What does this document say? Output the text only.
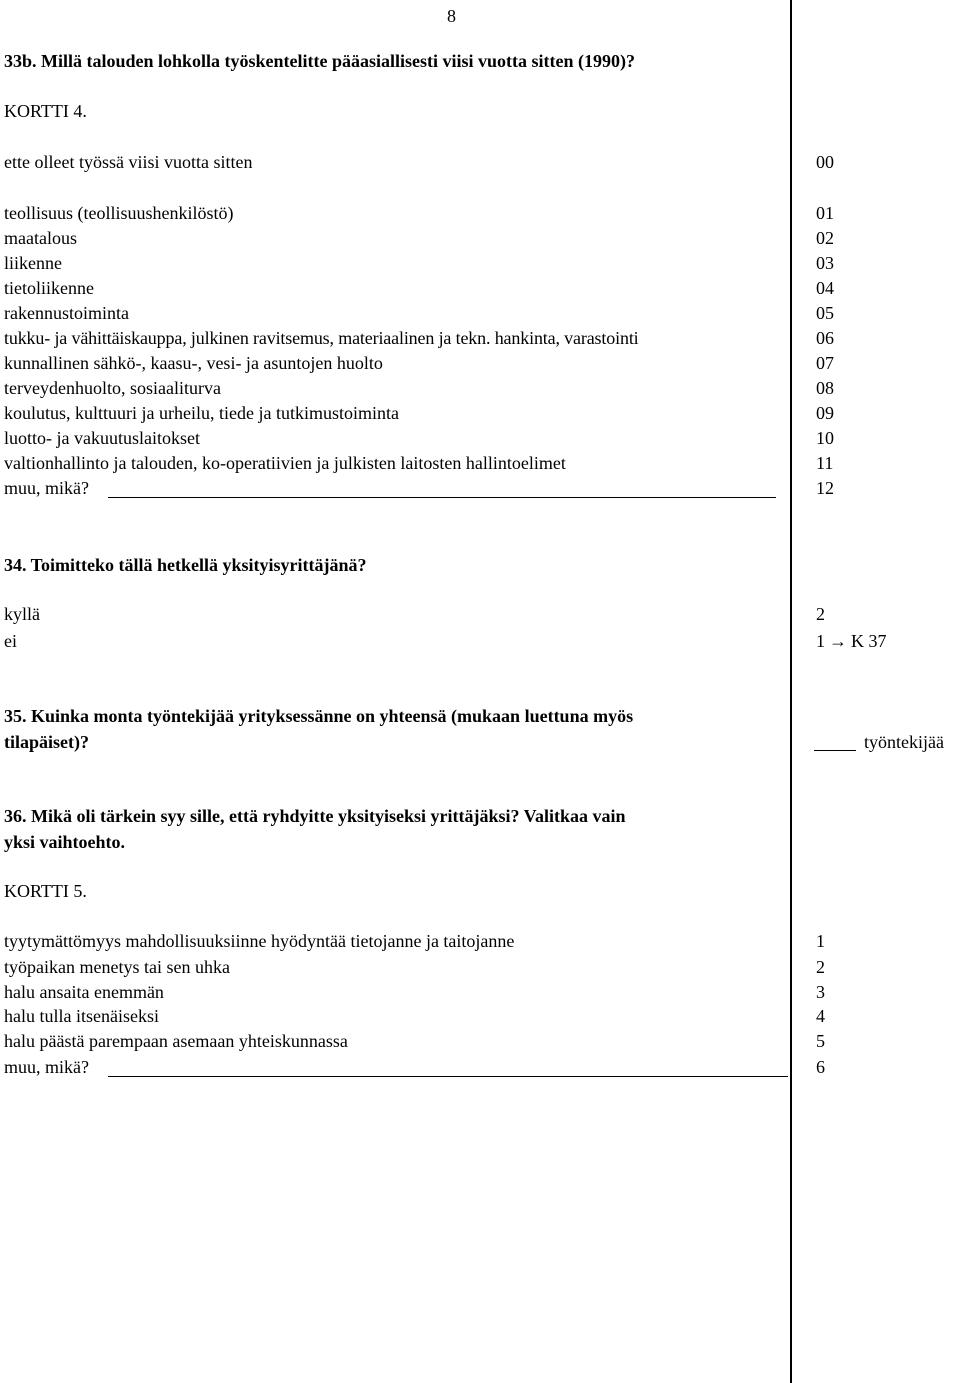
8
33b. Millä talouden lohkolla työskentelitte pääasiallisesti viisi vuotta sitten (1990)?
KORTTI 4.
ette olleet työssä viisi vuotta sitten	00
teollisuus (teollisuushenkilöstö)	01
maatalous	02
liikenne	03
tietoliikenne	04
rakennustoiminta	05
tukku- ja vähittäiskauppa, julkinen ravitsemus, materiaalinen ja tekn. hankinta, varastointi	06
kunnallinen sähkö-, kaasu-, vesi- ja asuntojen huolto	07
terveydenhuolto, sosiaaliturva	08
koulutus, kulttuuri ja urheilu, tiede ja tutkimustoiminta	09
luotto- ja vakuutuslaitokset	10
valtionhallinto ja talouden, ko-operatiivien ja julkisten laitosten hallintoelimet	11
muu, mikä?	12
34. Toimitteko tällä hetkellä yksityisyrittäjänä?
kyllä	2
ei	1 → K 37
35. Kuinka monta työntekijää yrityksessänne on yhteensä (mukaan luettuna myös
tilapäiset)?	työntekijää
36. Mikä oli tärkein syy sille, että ryhdyitte yksityiseksi yrittäjäksi? Valitkaa vain
yksi vaihtoehto.
KORTTI 5.
tyytymättömyys mahdollisuuksiinne hyödyntää tietojanne ja taitojanne	1
työpaikan menetys tai sen uhka	2
halu ansaita enemmän	3
halu tulla itsenäiseksi	4
halu päästä parempaan asemaan yhteiskunnassa	5
muu, mikä?	6
